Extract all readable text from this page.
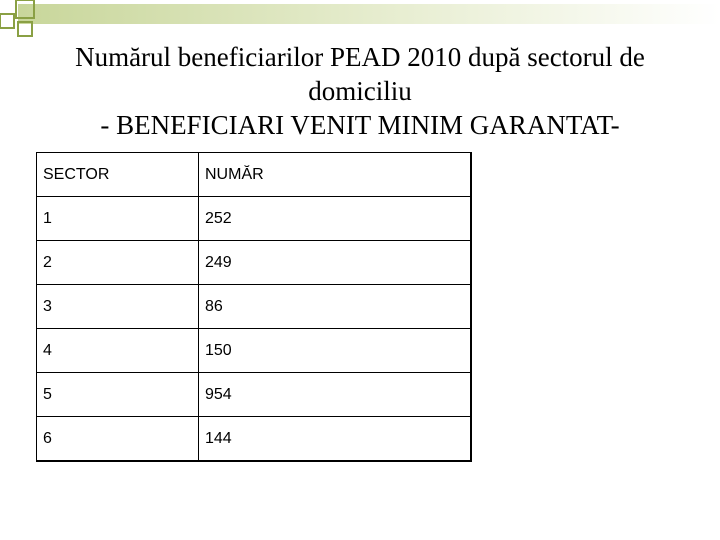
Numărul beneficiarilor PEAD 2010 după sectorul de
domiciliu
- BENEFICIARI VENIT MINIM GARANTAT-
SECTOR	NUMĂR
1	252
2	249
3	86
4	150
5	954
6	144
